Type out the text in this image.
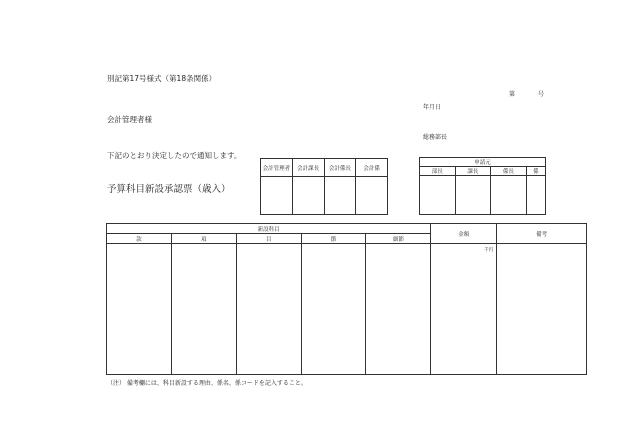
別記第17号様式（第18条関係）
第	号
年月日
会計管理者様
総務部長
下記のとおり決定したので通知します。
予算科目新設承認票（歳入）
会計管理者	会計課長	会計係長	会計係

申請元			
部長	課長	係長	係

新設科目					金額	備考
款	項	目	節	細節		

					千円	

（注） 備考欄には、科目新設する理由、係名、係コードを記入すること。
